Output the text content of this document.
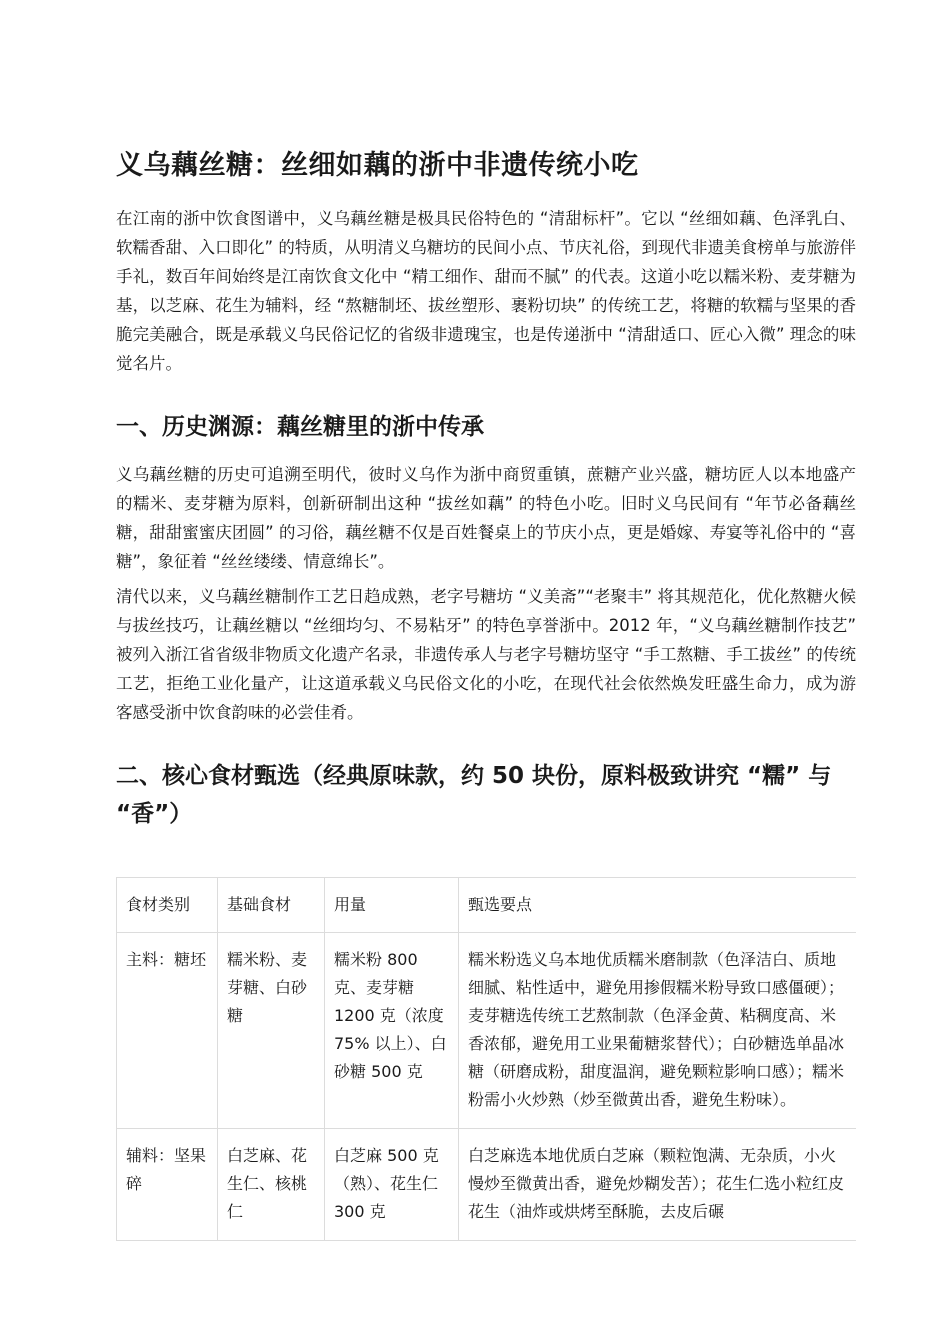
义乌藕丝糖：丝细如藕的浙中非遗传统小吃

在江南的浙中饮食图谱中，义乌藕丝糖是极具民俗特色的 “清甜标杆”。它以 “丝细如藕、色泽乳白、软糯香甜、入口即化” 的特质，从明清义乌糖坊的民间小点、节庆礼俗，到现代非遗美食榜单与旅游伴手礼，数百年间始终是江南饮食文化中 “精工细作、甜而不腻” 的代表。这道小吃以糯米粉、麦芽糖为基，以芝麻、花生为辅料，经 “熬糖制坯、拔丝塑形、裹粉切块” 的传统工艺，将糖的软糯与坚果的香脆完美融合，既是承载义乌民俗记忆的省级非遗瑰宝，也是传递浙中 “清甜适口、匠心入微” 理念的味觉名片。

一、历史渊源：藕丝糖里的浙中传承

义乌藕丝糖的历史可追溯至明代，彼时义乌作为浙中商贸重镇，蔗糖产业兴盛，糖坊匠人以本地盛产的糯米、麦芽糖为原料，创新研制出这种 “拔丝如藕” 的特色小吃。旧时义乌民间有 “年节必备藕丝糖，甜甜蜜蜜庆团圆” 的习俗，藕丝糖不仅是百姓餐桌上的节庆小点，更是婚嫁、寿宴等礼俗中的 “喜糖”，象征着 “丝丝缕缕、情意绵长”。

清代以来，义乌藕丝糖制作工艺日趋成熟，老字号糖坊 “义美斋”“老聚丰” 将其规范化，优化熬糖火候与拔丝技巧，让藕丝糖以 “丝细均匀、不易粘牙” 的特色享誉浙中。2012 年，“义乌藕丝糖制作技艺” 被列入浙江省省级非物质文化遗产名录，非遗传承人与老字号糖坊坚守 “手工熬糖、手工拔丝” 的传统工艺，拒绝工业化量产，让这道承载义乌民俗文化的小吃，在现代社会依然焕发旺盛生命力，成为游客感受浙中饮食韵味的必尝佳肴。

二、核心食材甄选（经典原味款，约 50 块份，原料极致讲究 “糯” 与 “香”）
食材类别	基础食材	用量	甄选要点
主料：糖坯	糯米粉、麦芽糖、白砂糖	糯米粉 800 克、麦芽糖 1200 克（浓度 75% 以上）、白砂糖 500 克	糯米粉选义乌本地优质糯米磨制款（色泽洁白、质地细腻、粘性适中，避免用掺假糯米粉导致口感僵硬）；麦芽糖选传统工艺熬制款（色泽金黄、粘稠度高、米香浓郁，避免用工业果葡糖浆替代）；白砂糖选单晶冰糖（研磨成粉，甜度温润，避免颗粒影响口感）；糯米粉需小火炒熟（炒至微黄出香，避免生粉味）。
辅料：坚果碎	白芝麻、花生仁、核桃仁	白芝麻 500 克（熟）、花生仁 300 克	白芝麻选本地优质白芝麻（颗粒饱满、无杂质，小火慢炒至微黄出香，避免炒糊发苦）；花生仁选小粒红皮花生（油炸或烘烤至酥脆，去皮后碾
